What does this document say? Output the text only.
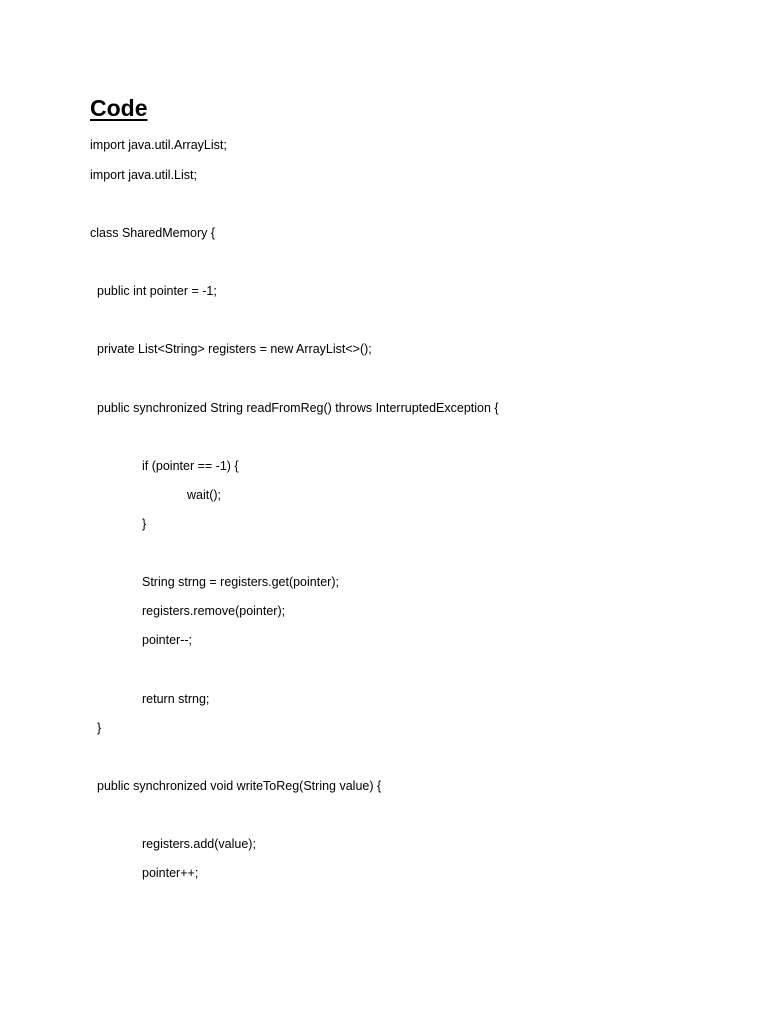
Code
import java.util.ArrayList;
import java.util.List;
class SharedMemory {
public int pointer = -1;
private List<String> registers = new ArrayList<>();
public synchronized String readFromReg() throws InterruptedException {
if (pointer == -1) {
wait();
}
String strng = registers.get(pointer);
registers.remove(pointer);
pointer--;
return strng;
}
public synchronized void writeToReg(String value) {
registers.add(value);
pointer++;
